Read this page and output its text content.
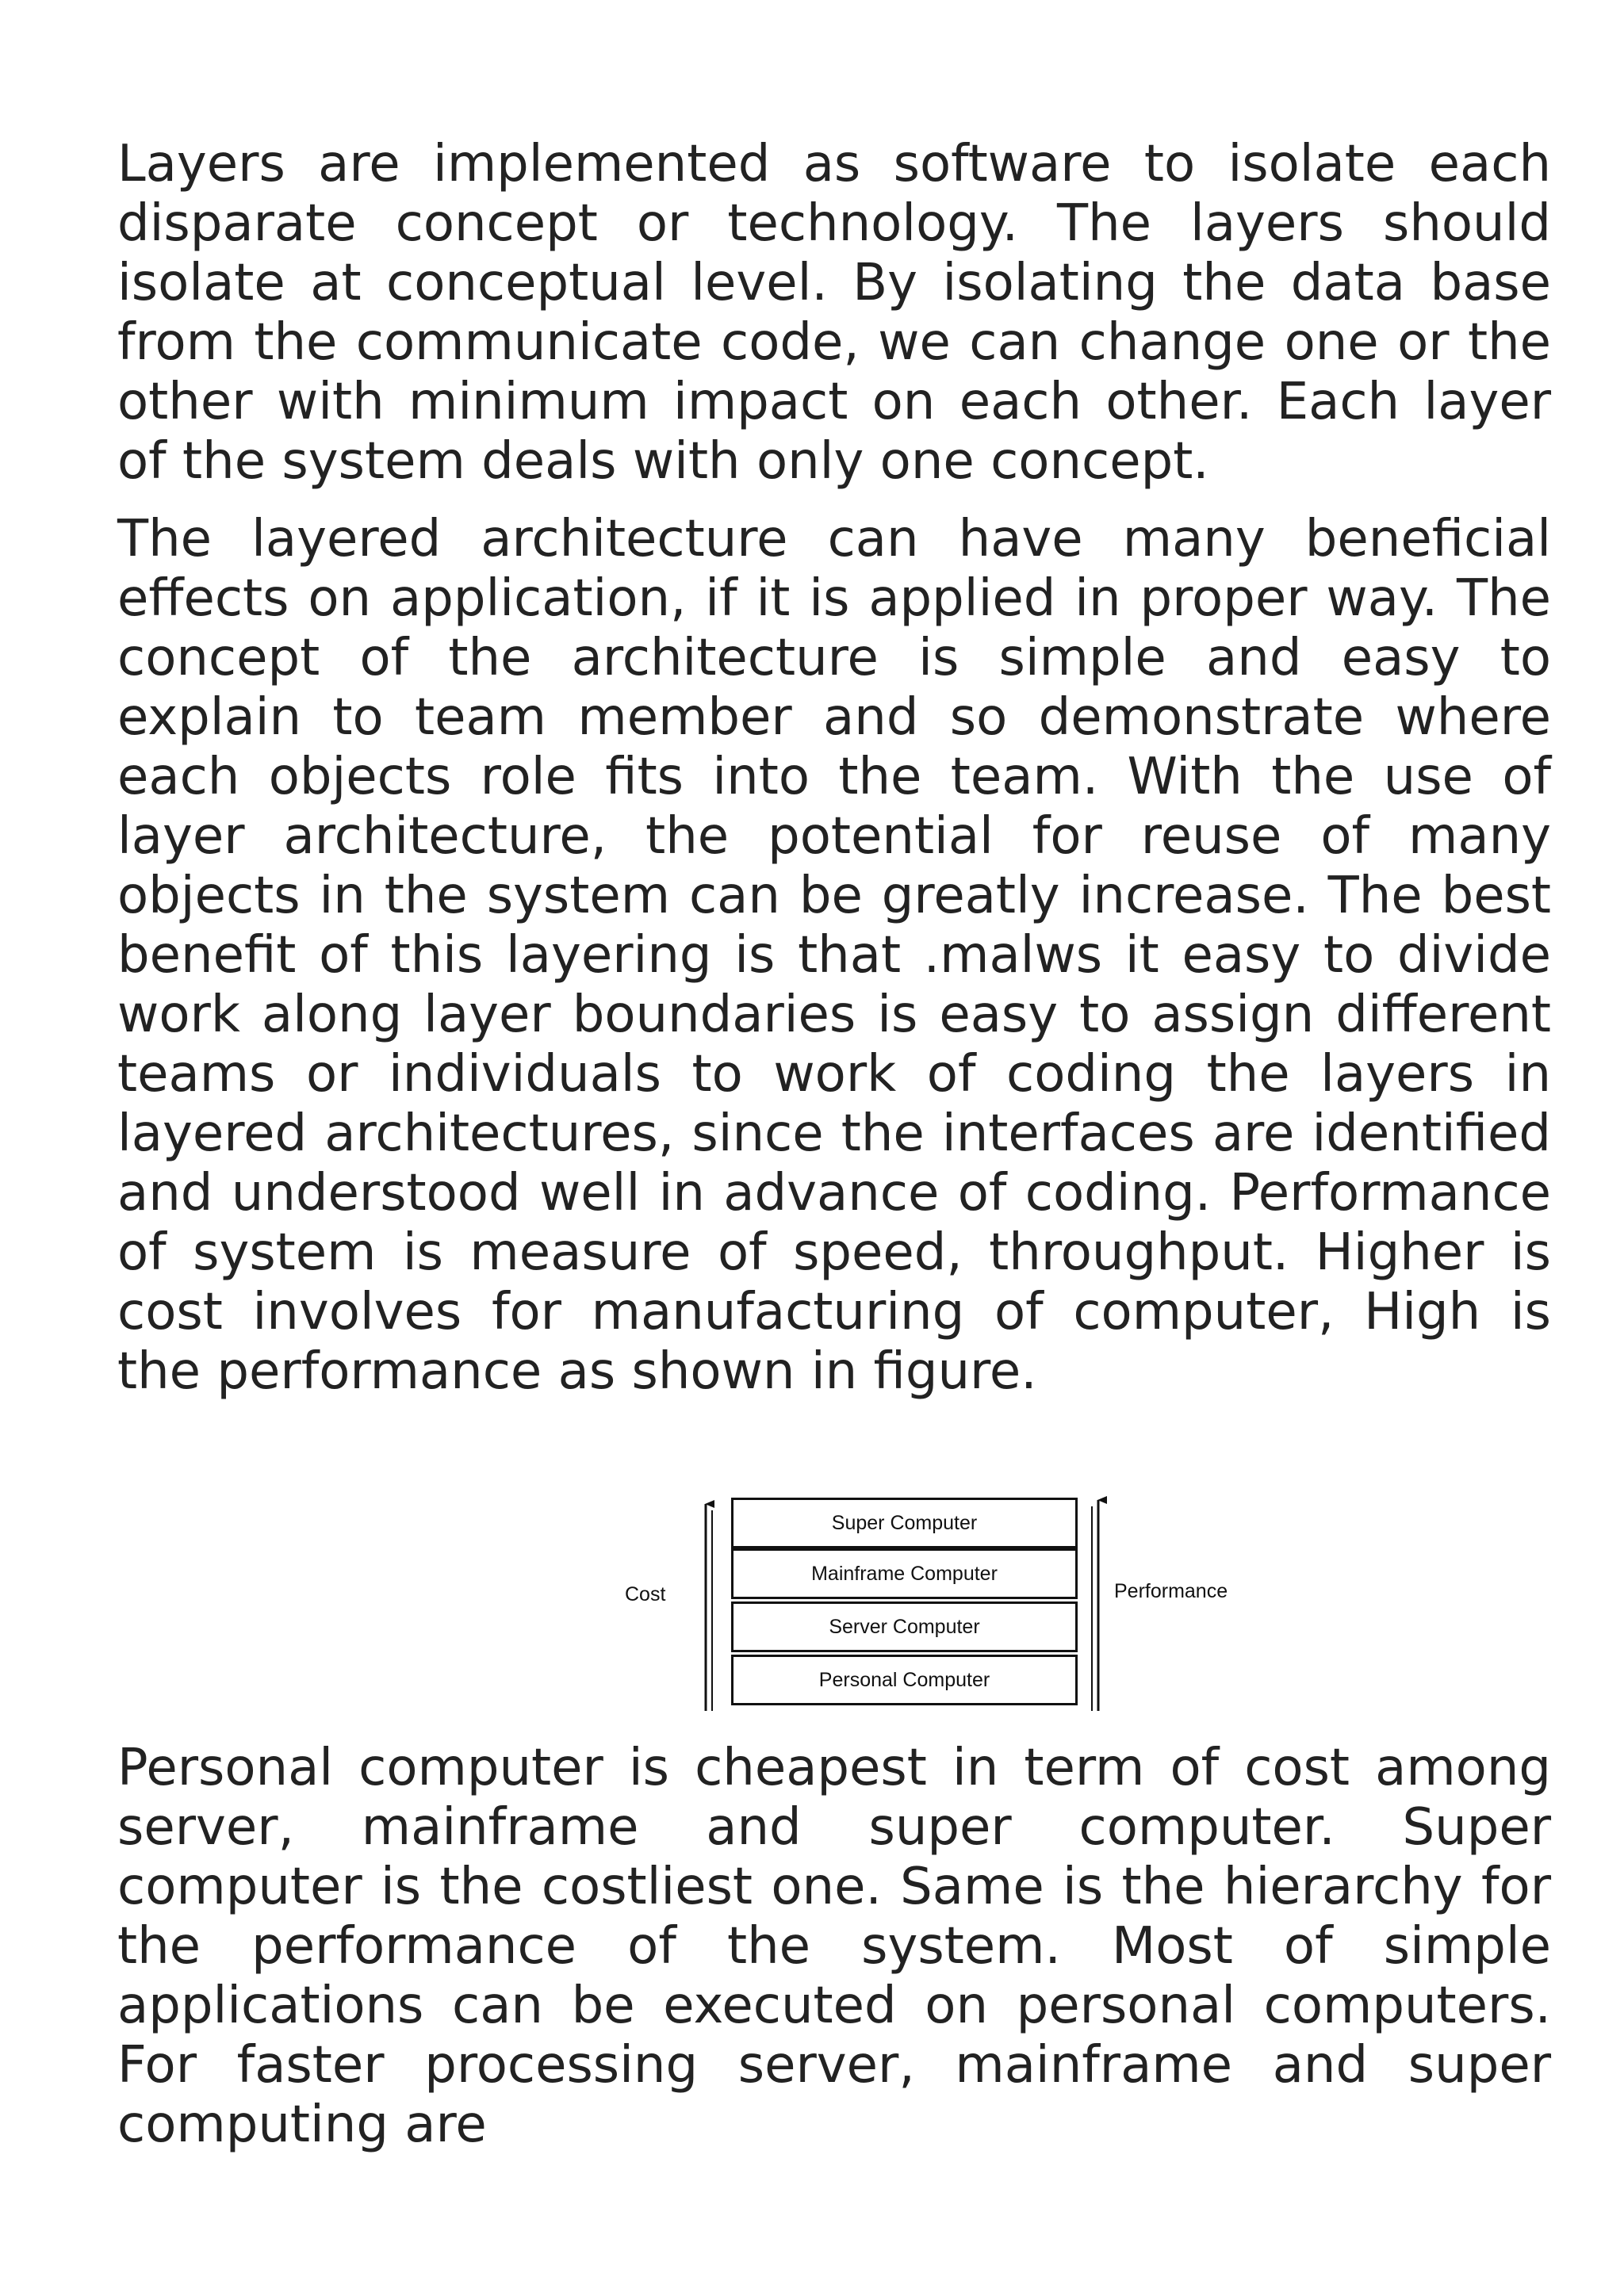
Layers are implemented as software to isolate each disparate concept or technology. The layers should isolate at conceptual level. By isolating the data base from the communicate code, we can change one or the other with minimum impact on each other. Each layer of the system deals with only one concept.

The layered architecture can have many beneficial effects on application, if it is applied in proper way. The concept of the architecture is simple and easy to explain to team member and so demonstrate where each objects role fits into the team. With the use of layer architecture, the potential for reuse of many objects in the system can be greatly increase. The best benefit of this layering is that .malws it easy to divide work along layer boundaries is easy to assign different teams or individuals to work of coding the layers in layered architectures, since the interfaces are identified and understood well in advance of coding. Performance of system is measure of speed, throughput. Higher is cost involves for manufacturing of computer, High is the performance as shown in figure.

Cost	Performance
Super Computer
Mainframe Computer
Server Computer
Personal Computer

Personal computer is cheapest in term of cost among server, mainframe and super computer. Super computer is the costliest one. Same is the hierarchy for the performance of the system. Most of simple applications can be executed on personal computers. For faster processing server, mainframe and super computing are
